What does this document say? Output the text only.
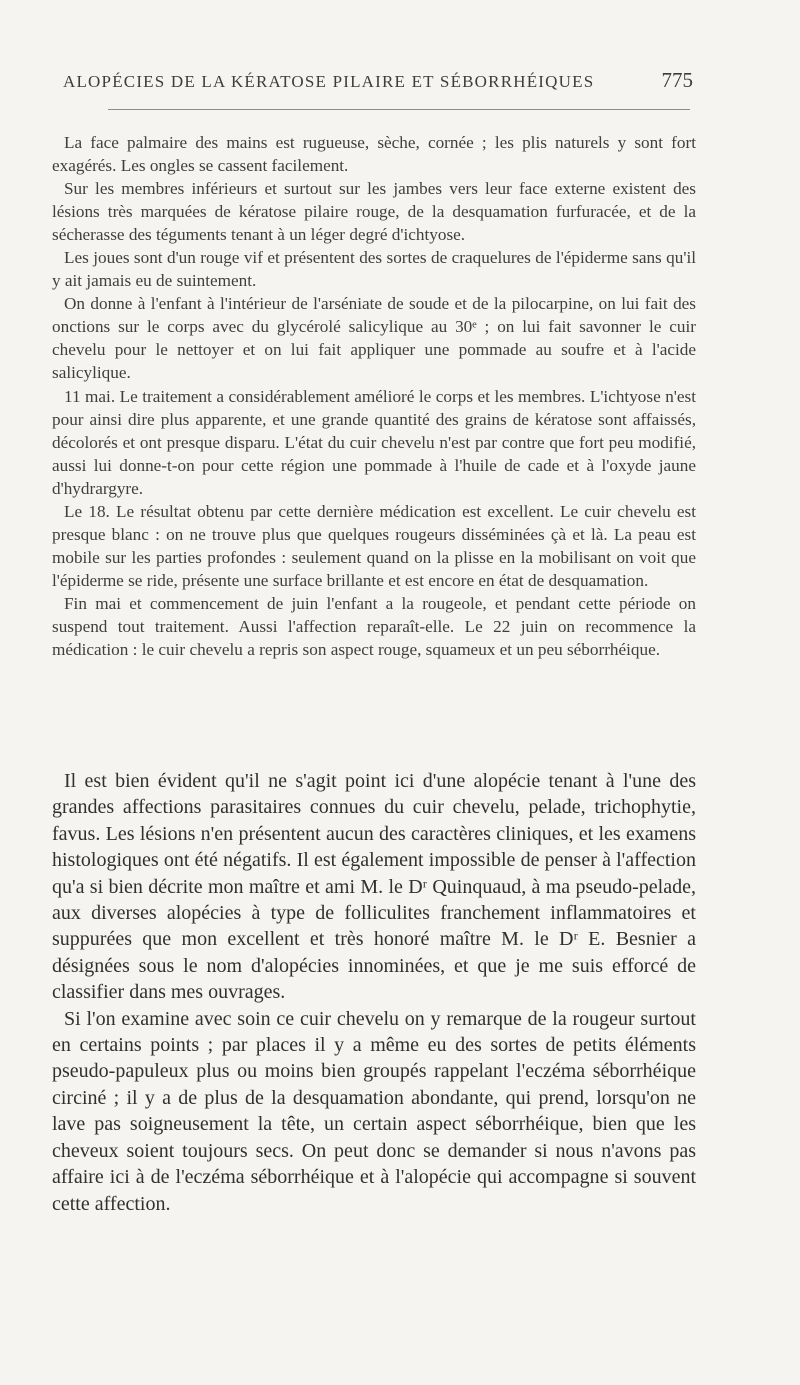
ALOPÉCIES DE LA KÉRATOSE PILAIRE ET SÉBORRHÉIQUES	775

La face palmaire des mains est rugueuse, sèche, cornée ; les plis naturels y sont fort exagérés. Les ongles se cassent facilement.

Sur les membres inférieurs et surtout sur les jambes vers leur face externe existent des lésions très marquées de kératose pilaire rouge, de la desquamation furfuracée, et de la sécherasse des téguments tenant à un léger degré d'ichtyose.

Les joues sont d'un rouge vif et présentent des sortes de craquelures de l'épiderme sans qu'il y ait jamais eu de suintement.

On donne à l'enfant à l'intérieur de l'arséniate de soude et de la pilocarpine, on lui fait des onctions sur le corps avec du glycérolé salicylique au 30ᵉ ; on lui fait savonner le cuir chevelu pour le nettoyer et on lui fait appliquer une pommade au soufre et à l'acide salicylique.

11 mai. Le traitement a considérablement amélioré le corps et les membres. L'ichtyose n'est pour ainsi dire plus apparente, et une grande quantité des grains de kératose sont affaissés, décolorés et ont presque disparu. L'état du cuir chevelu n'est par contre que fort peu modifié, aussi lui donne-t-on pour cette région une pommade à l'huile de cade et à l'oxyde jaune d'hydrargyre.

Le 18. Le résultat obtenu par cette dernière médication est excellent. Le cuir chevelu est presque blanc : on ne trouve plus que quelques rougeurs disséminées çà et là. La peau est mobile sur les parties profondes : seulement quand on la plisse en la mobilisant on voit que l'épiderme se ride, présente une surface brillante et est encore en état de desquamation.

Fin mai et commencement de juin l'enfant a la rougeole, et pendant cette période on suspend tout traitement. Aussi l'affection reparaît-elle. Le 22 juin on recommence la médication : le cuir chevelu a repris son aspect rouge, squameux et un peu séborrhéique.

Il est bien évident qu'il ne s'agit point ici d'une alopécie tenant à l'une des grandes affections parasitaires connues du cuir chevelu, pelade, trichophytie, favus. Les lésions n'en présentent aucun des caractères cliniques, et les examens histologiques ont été négatifs. Il est également impossible de penser à l'affection qu'a si bien décrite mon maître et ami M. le Dʳ Quinquaud, à ma pseudo-pelade, aux diverses alopécies à type de folliculites franchement inflammatoires et suppurées que mon excellent et très honoré maître M. le Dʳ E. Besnier a désignées sous le nom d'alopécies innominées, et que je me suis efforcé de classifier dans mes ouvrages.

Si l'on examine avec soin ce cuir chevelu on y remarque de la rougeur surtout en certains points ; par places il y a même eu des sortes de petits éléments pseudo-papuleux plus ou moins bien groupés rappelant l'eczéma séborrhéique circiné ; il y a de plus de la desquamation abondante, qui prend, lorsqu'on ne lave pas soigneusement la tête, un certain aspect séborrhéique, bien que les cheveux soient toujours secs. On peut donc se demander si nous n'avons pas affaire ici à de l'eczéma séborrhéique et à l'alopécie qui accompagne si souvent cette affection.
